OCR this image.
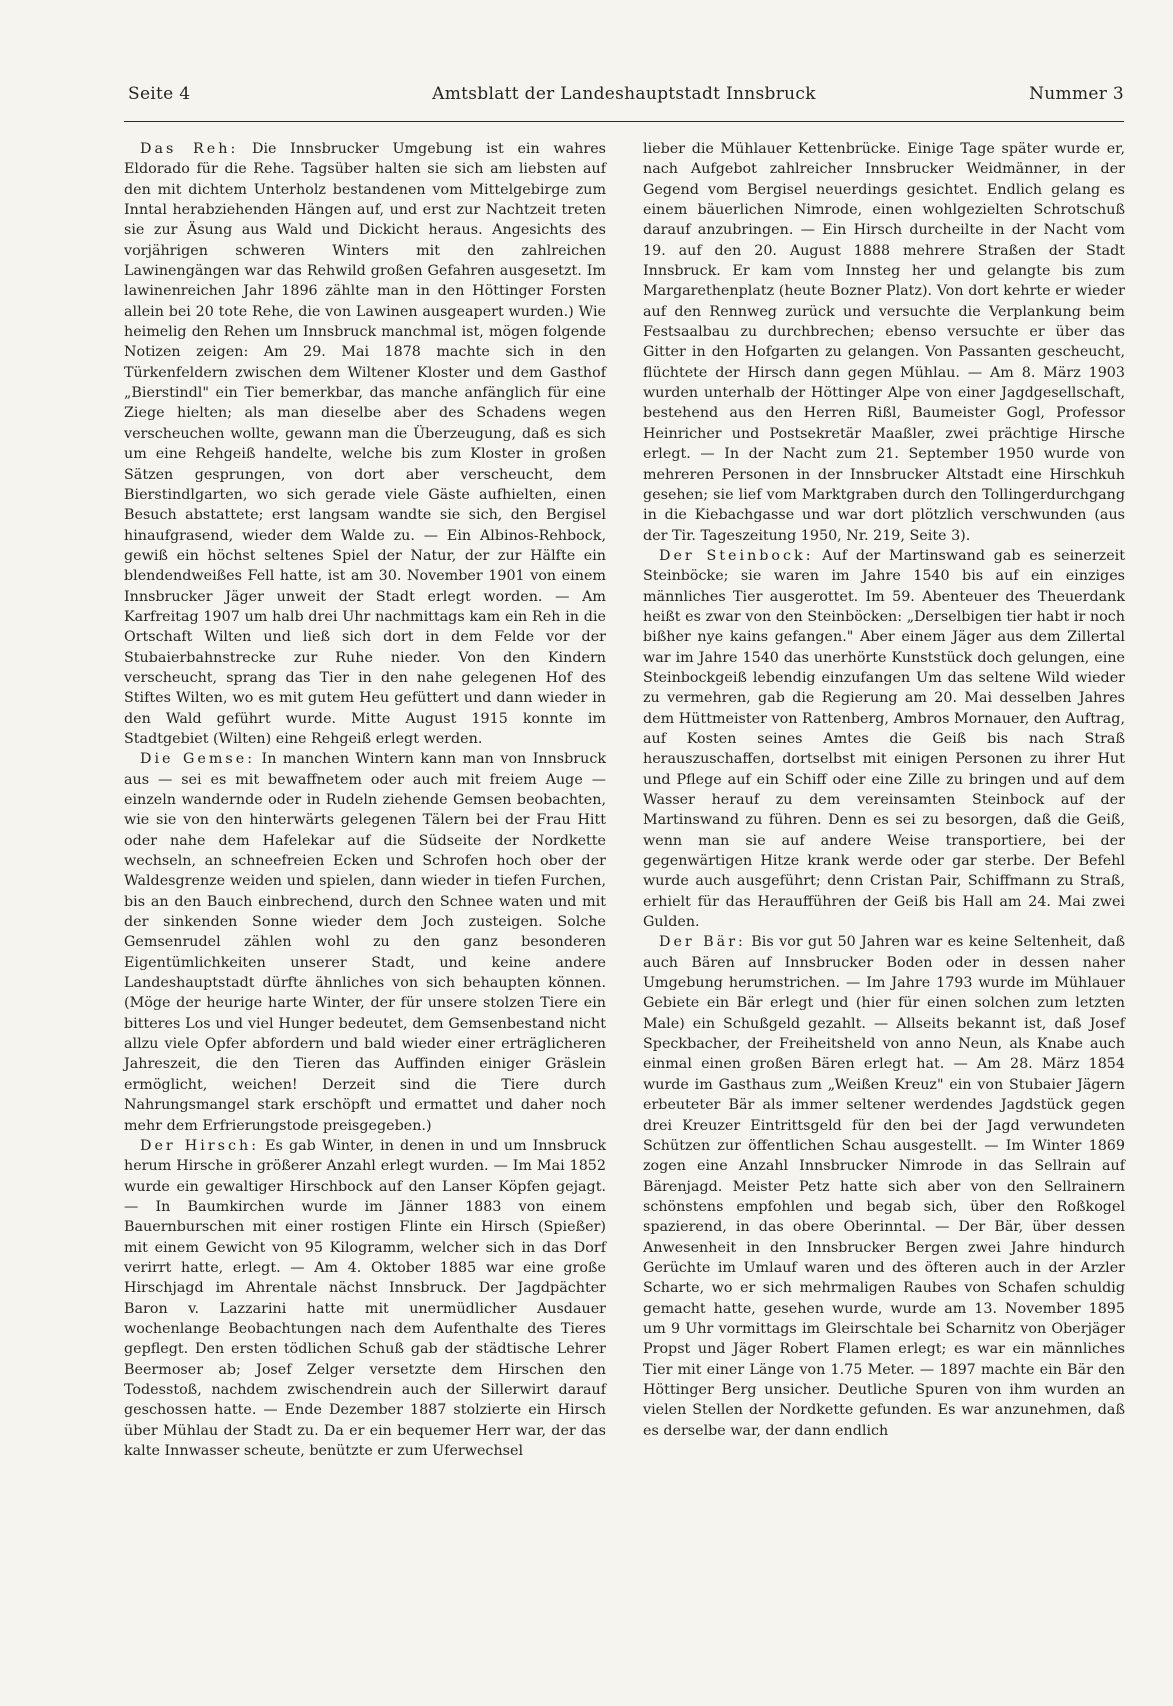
Amtsblatt der Landeshauptstadt Innsbruck
Seite 4	Nummer 3

Das Reh: Die Innsbrucker Umgebung ist ein wahres Eldorado für die Rehe. Tagsüber halten sie sich am liebsten auf den mit dichtem Unterholz bestandenen vom Mittelgebirge zum Inntal herabziehenden Hängen auf, und erst zur Nachtzeit treten sie zur Äsung aus Wald und Dickicht heraus. Angesichts des vorjährigen schweren Winters mit den zahlreichen Lawinengängen war das Rehwild großen Gefahren ausgesetzt. Im lawinenreichen Jahr 1896 zählte man in den Höttinger Forsten allein bei 20 tote Rehe, die von Lawinen ausgeapert wurden.) Wie heimelig den Rehen um Innsbruck manchmal ist, mögen folgende Notizen zeigen: Am 29. Mai 1878 machte sich in den Türkenfeldern zwischen dem Wiltener Kloster und dem Gasthof „Bierstindl" ein Tier bemerkbar, das manche anfänglich für eine Ziege hielten; als man dieselbe aber des Schadens wegen verscheuchen wollte, gewann man die Überzeugung, daß es sich um eine Rehgeiß handelte, welche bis zum Kloster in großen Sätzen gesprungen, von dort aber verscheucht, dem Bierstindlgarten, wo sich gerade viele Gäste aufhielten, einen Besuch abstattete; erst langsam wandte sie sich, den Bergisel hinaufgrasend, wieder dem Walde zu. — Ein Albinos-Rehbock, gewiß ein höchst seltenes Spiel der Natur, der zur Hälfte ein blendendweißes Fell hatte, ist am 30. November 1901 von einem Innsbrucker Jäger unweit der Stadt erlegt worden. — Am Karfreitag 1907 um halb drei Uhr nachmittags kam ein Reh in die Ortschaft Wilten und ließ sich dort in dem Felde vor der Stubaierbahnstrecke zur Ruhe nieder. Von den Kindern verscheucht, sprang das Tier in den nahe gelegenen Hof des Stiftes Wilten, wo es mit gutem Heu gefüttert und dann wieder in den Wald geführt wurde. Mitte August 1915 konnte im Stadtgebiet (Wilten) eine Rehgeiß erlegt werden.

Die Gemse: In manchen Wintern kann man von Innsbruck aus — sei es mit bewaffnetem oder auch mit freiem Auge — einzeln wandernde oder in Rudeln ziehende Gemsen beobachten, wie sie von den hinterwärts gelegenen Tälern bei der Frau Hitt oder nahe dem Hafelekar auf die Südseite der Nordkette wechseln, an schneefreien Ecken und Schrofen hoch ober der Waldesgrenze weiden und spielen, dann wieder in tiefen Furchen, bis an den Bauch einbrechend, durch den Schnee waten und mit der sinkenden Sonne wieder dem Joch zusteigen. Solche Gemsenrudel zählen wohl zu den ganz besonderen Eigentümlichkeiten unserer Stadt, und keine andere Landeshauptstadt dürfte ähnliches von sich behaupten können. (Möge der heurige harte Winter, der für unsere stolzen Tiere ein bitteres Los und viel Hunger bedeutet, dem Gemsenbestand nicht allzu viele Opfer abfordern und bald wieder einer erträglicheren Jahreszeit, die den Tieren das Auffinden einiger Gräslein ermöglicht, weichen! Derzeit sind die Tiere durch Nahrungsmangel stark erschöpft und ermattet und daher noch mehr dem Erfrierungstode preisgegeben.)

Der Hirsch: Es gab Winter, in denen in und um Innsbruck herum Hirsche in größerer Anzahl erlegt wurden. — Im Mai 1852 wurde ein gewaltiger Hirschbock auf den Lanser Köpfen gejagt. — In Baumkirchen wurde im Jänner 1883 von einem Bauernburschen mit einer rostigen Flinte ein Hirsch (Spießer) mit einem Gewicht von 95 Kilogramm, welcher sich in das Dorf verirrt hatte, erlegt. — Am 4. Oktober 1885 war eine große Hirschjagd im Ahrentale nächst Innsbruck. Der Jagdpächter Baron v. Lazzarini hatte mit unermüdlicher Ausdauer wochenlange Beobachtungen nach dem Aufenthalte des Tieres gepflegt. Den ersten tödlichen Schuß gab der städtische Lehrer Beermoser ab; Josef Zelger versetzte dem Hirschen den Todesstoß, nachdem zwischendrein auch der Sillerwirt darauf geschossen hatte. — Ende Dezember 1887 stolzierte ein Hirsch über Mühlau der Stadt zu. Da er ein bequemer Herr war, der das kalte Innwasser scheute, benützte er zum Uferwechsel

lieber die Mühlauer Kettenbrücke. Einige Tage später wurde er, nach Aufgebot zahlreicher Innsbrucker Weidmänner, in der Gegend vom Bergisel neuerdings gesichtet. Endlich gelang es einem bäuerlichen Nimrode, einen wohlgezielten Schrotschuß darauf anzubringen. — Ein Hirsch durcheilte in der Nacht vom 19. auf den 20. August 1888 mehrere Straßen der Stadt Innsbruck. Er kam vom Innsteg her und gelangte bis zum Margarethenplatz (heute Bozner Platz). Von dort kehrte er wieder auf den Rennweg zurück und versuchte die Verplankung beim Festsaalbau zu durchbrechen; ebenso versuchte er über das Gitter in den Hofgarten zu gelangen. Von Passanten gescheucht, flüchtete der Hirsch dann gegen Mühlau. — Am 8. März 1903 wurden unterhalb der Höttinger Alpe von einer Jagdgesellschaft, bestehend aus den Herren Rißl, Baumeister Gogl, Professor Heinricher und Postsekretär Maaßler, zwei prächtige Hirsche erlegt. — In der Nacht zum 21. September 1950 wurde von mehreren Personen in der Innsbrucker Altstadt eine Hirschkuh gesehen; sie lief vom Marktgraben durch den Tollingerdurchgang in die Kiebachgasse und war dort plötzlich verschwunden (aus der Tir. Tageszeitung 1950, Nr. 219, Seite 3).

Der Steinbock: Auf der Martinswand gab es seinerzeit Steinböcke; sie waren im Jahre 1540 bis auf ein einziges männliches Tier ausgerottet. Im 59. Abenteuer des Theuerdank heißt es zwar von den Steinböcken: „Derselbigen tier habt ir noch bißher nye kains gefangen." Aber einem Jäger aus dem Zillertal war im Jahre 1540 das unerhörte Kunststück doch gelungen, eine Steinbockgeiß lebendig einzufangen Um das seltene Wild wieder zu vermehren, gab die Regierung am 20. Mai desselben Jahres dem Hüttmeister von Rattenberg, Ambros Mornauer, den Auftrag, auf Kosten seines Amtes die Geiß bis nach Straß herauszuschaffen, dortselbst mit einigen Personen zu ihrer Hut und Pflege auf ein Schiff oder eine Zille zu bringen und auf dem Wasser herauf zu dem vereinsamten Steinbock auf der Martinswand zu führen. Denn es sei zu besorgen, daß die Geiß, wenn man sie auf andere Weise transportiere, bei der gegenwärtigen Hitze krank werde oder gar sterbe. Der Befehl wurde auch ausgeführt; denn Cristan Pair, Schiffmann zu Straß, erhielt für das Heraufführen der Geiß bis Hall am 24. Mai zwei Gulden.

Der Bär: Bis vor gut 50 Jahren war es keine Seltenheit, daß auch Bären auf Innsbrucker Boden oder in dessen naher Umgebung herumstrichen. — Im Jahre 1793 wurde im Mühlauer Gebiete ein Bär erlegt und (hier für einen solchen zum letzten Male) ein Schußgeld gezahlt. — Allseits bekannt ist, daß Josef Speckbacher, der Freiheitsheld von anno Neun, als Knabe auch einmal einen großen Bären erlegt hat. — Am 28. März 1854 wurde im Gasthaus zum „Weißen Kreuz" ein von Stubaier Jägern erbeuteter Bär als immer seltener werdendes Jagdstück gegen drei Kreuzer Eintrittsgeld für den bei der Jagd verwundeten Schützen zur öffentlichen Schau ausgestellt. — Im Winter 1869 zogen eine Anzahl Innsbrucker Nimrode in das Sellrain auf Bärenjagd. Meister Petz hatte sich aber von den Sellrainern schönstens empfohlen und begab sich, über den Roßkogel spazierend, in das obere Oberinntal. — Der Bär, über dessen Anwesenheit in den Innsbrucker Bergen zwei Jahre hindurch Gerüchte im Umlauf waren und des öfteren auch in der Arzler Scharte, wo er sich mehrmaligen Raubes von Schafen schuldig gemacht hatte, gesehen wurde, wurde am 13. November 1895 um 9 Uhr vormittags im Gleirschtale bei Scharnitz von Oberjäger Propst und Jäger Robert Flamen erlegt; es war ein männliches Tier mit einer Länge von 1.75 Meter. — 1897 machte ein Bär den Höttinger Berg unsicher. Deutliche Spuren von ihm wurden an vielen Stellen der Nordkette gefunden. Es war anzunehmen, daß es derselbe war, der dann endlich
